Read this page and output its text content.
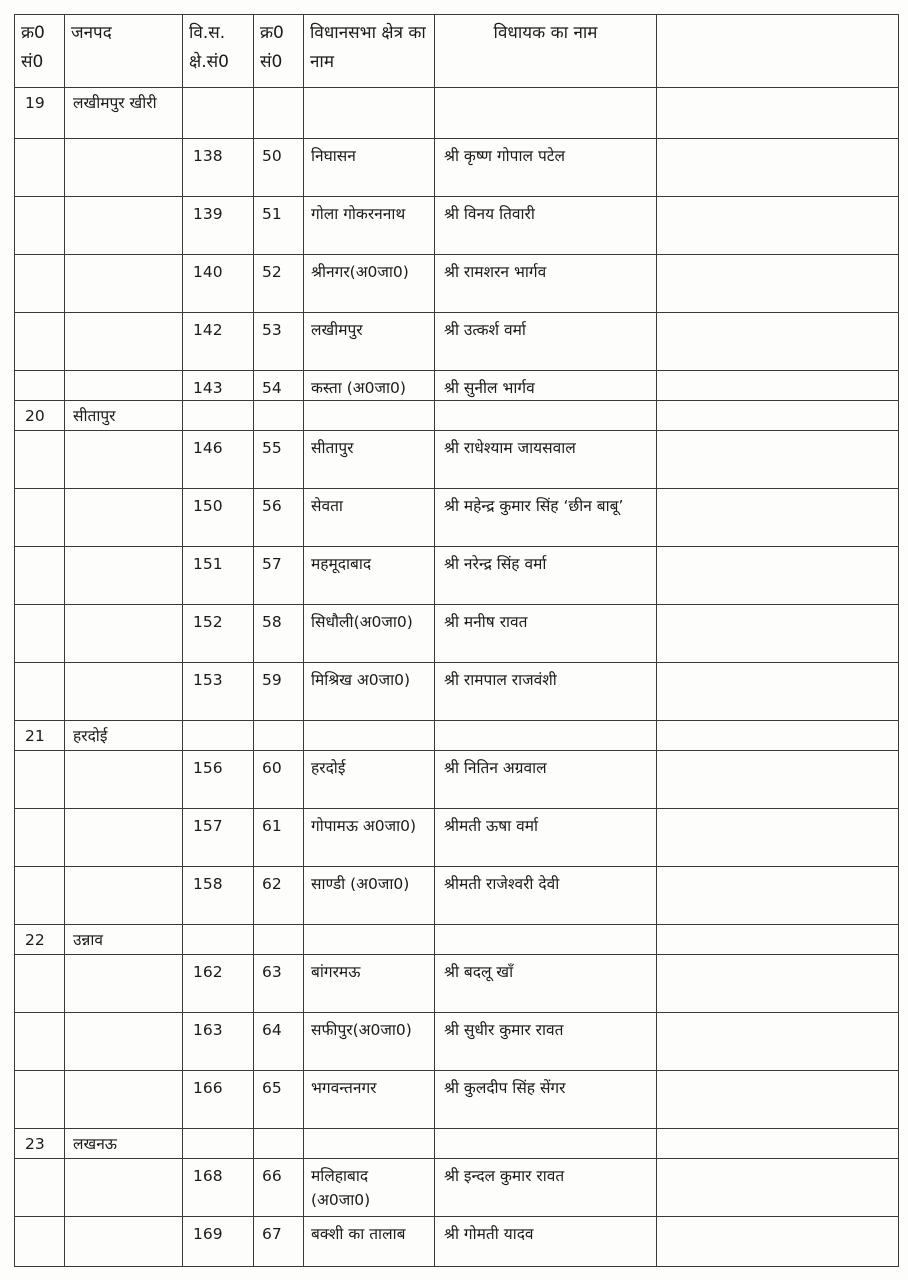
क्र0 सं0	जनपद	वि.स. क्षे.सं0	क्र0 सं0	विधानसभा क्षेत्र का नाम	विधायक का नाम	
19	लखीमपुर खीरी					
		138	50	निघासन	श्री कृष्ण गोपाल पटेल	
		139	51	गोला गोकरननाथ	श्री विनय तिवारी	
		140	52	श्रीनगर(अ0जा0)	श्री रामशरन भार्गव	
		142	53	लखीमपुर	श्री उत्कर्श वर्मा	
		143	54	कस्ता (अ0जा0)	श्री सुनील भार्गव	
20	सीतापुर					
		146	55	सीतापुर	श्री राधेश्याम जायसवाल	
		150	56	सेवता	श्री महेन्द्र कुमार सिंह ‘छीन बाबू’	
		151	57	महमूदाबाद	श्री नरेन्द्र सिंह वर्मा	
		152	58	सिधौली(अ0जा0)	श्री मनीष रावत	
		153	59	मिश्रिख अ0जा0)	श्री रामपाल राजवंशी	
21	हरदोई					
		156	60	हरदोई	श्री नितिन अग्रवाल	
		157	61	गोपामऊ अ0जा0)	श्रीमती ऊषा वर्मा	
		158	62	साण्डी (अ0जा0)	श्रीमती राजेश्वरी देवी	
22	उन्नाव					
		162	63	बांगरमऊ	श्री बदलू खाँ	
		163	64	सफीपुर(अ0जा0)	श्री सुधीर कुमार रावत	
		166	65	भगवन्तनगर	श्री कुलदीप सिंह सेंगर	
23	लखनऊ					
		168	66	मलिहाबाद (अ0जा0)	श्री इन्दल कुमार रावत	
		169	67	बक्शी का तालाब	श्री गोमती यादव	
